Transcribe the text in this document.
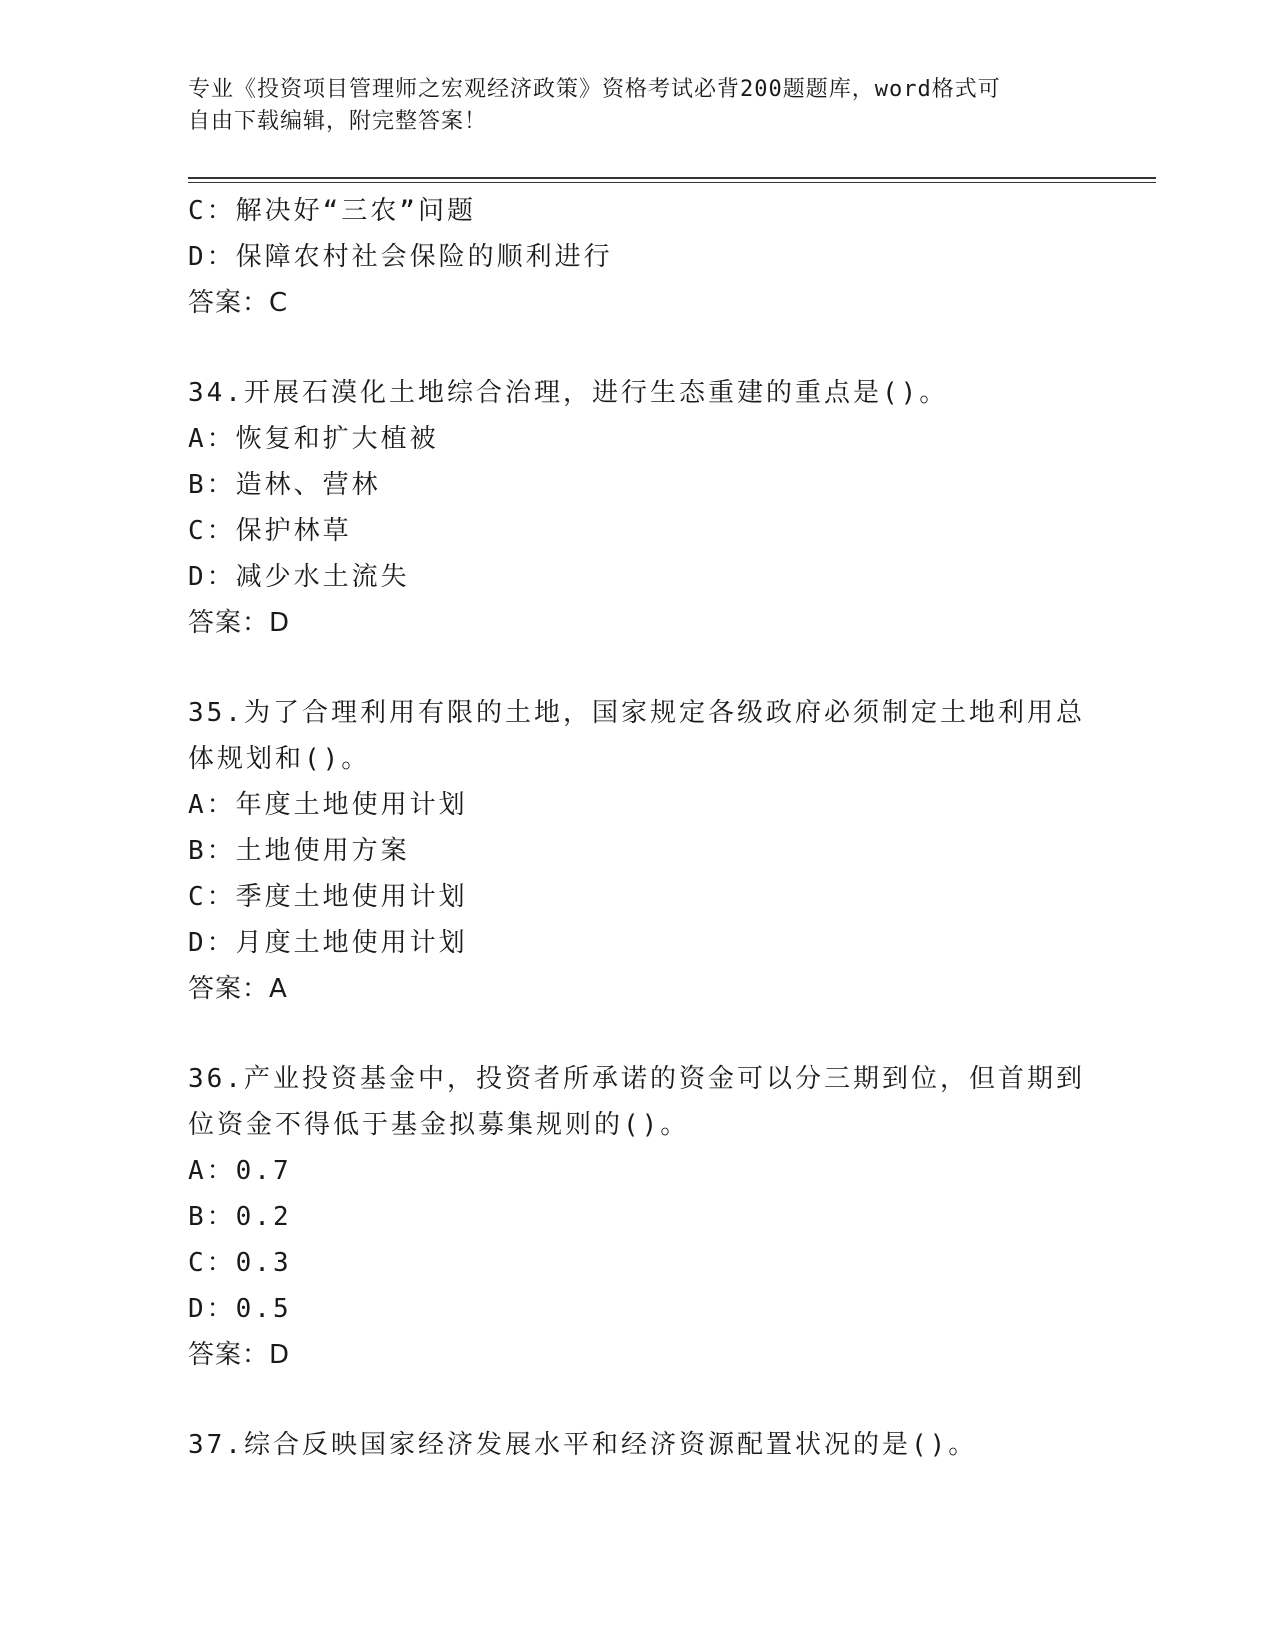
专业《投资项目管理师之宏观经济政策》资格考试必背200题题库，word格式可
自由下载编辑，附完整答案！
C：解决好“三农”问题
D：保障农村社会保险的顺利进行
答案：C
34.开展石漠化土地综合治理，进行生态重建的重点是()。
A：恢复和扩大植被
B：造林、营林
C：保护林草
D：减少水土流失
答案：D
35.为了合理利用有限的土地，国家规定各级政府必须制定土地利用总
体规划和()。
A：年度土地使用计划
B：土地使用方案
C：季度土地使用计划
D：月度土地使用计划
答案：A
36.产业投资基金中，投资者所承诺的资金可以分三期到位，但首期到
位资金不得低于基金拟募集规则的()。
A：0.7
B：0.2
C：0.3
D：0.5
答案：D
37.综合反映国家经济发展水平和经济资源配置状况的是()。
